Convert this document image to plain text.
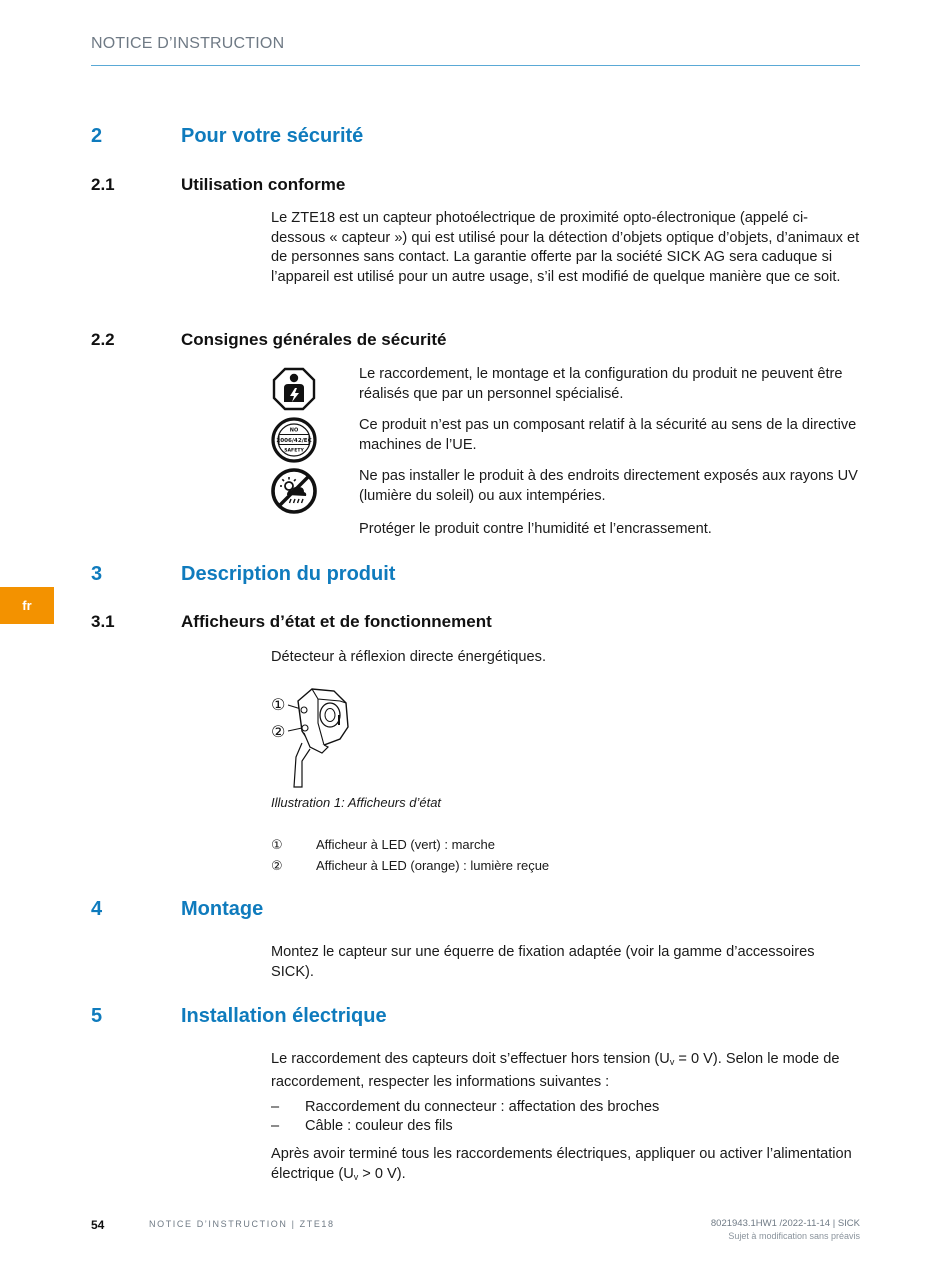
NOTICE D’INSTRUCTION
fr
2	Pour votre sécurité
2.1	Utilisation conforme
Le ZTE18 est un capteur photoélectrique de proximité opto-électronique (appelé ci-dessous « capteur ») qui est utilisé pour la détection d’objets optique d’objets, d’animaux et de personnes sans contact. La garantie offerte par la société SICK AG sera caduque si l’appareil est utilisé pour un autre usage, s’il est modifié de quelque manière que ce soit.
2.2	Consignes générales de sécurité
NO
2006/42/EC
SAFETY
Le raccordement, le montage et la configuration du produit ne peuvent être réalisés que par un personnel spécialisé.
Ce produit n’est pas un composant relatif à la sécurité au sens de la directive machines de l’UE.
Ne pas installer le produit à des endroits directement exposés aux rayons UV (lumière du soleil) ou aux intempéries.
Protéger le produit contre l’humidité et l’encrassement.
3	Description du produit
3.1	Afficheurs d’état et de fonctionnement
Détecteur à réflexion directe énergétiques.
①
②
Illustration 1: Afficheurs d’état
①	Afficheur à LED (vert) : marche
②	Afficheur à LED (orange) : lumière reçue
4	Montage
Montez le capteur sur une équerre de fixation adaptée (voir la gamme d’accessoires SICK).
5	Installation électrique
Le raccordement des capteurs doit s’effectuer hors tension ($U_v = 0$ V). Selon le mode de raccordement, respecter les informations suivantes :
– Raccordement du connecteur : affectation des broches
– Câble : couleur des fils
Après avoir terminé tous les raccordements électriques, appliquer ou activer l’alimentation électrique ($U_v > 0$ V).
54	NOTICE D’INSTRUCTION | ZTE18	8021943.1HW1 /2022-11-14 | SICK
Sujet à modification sans préavis
